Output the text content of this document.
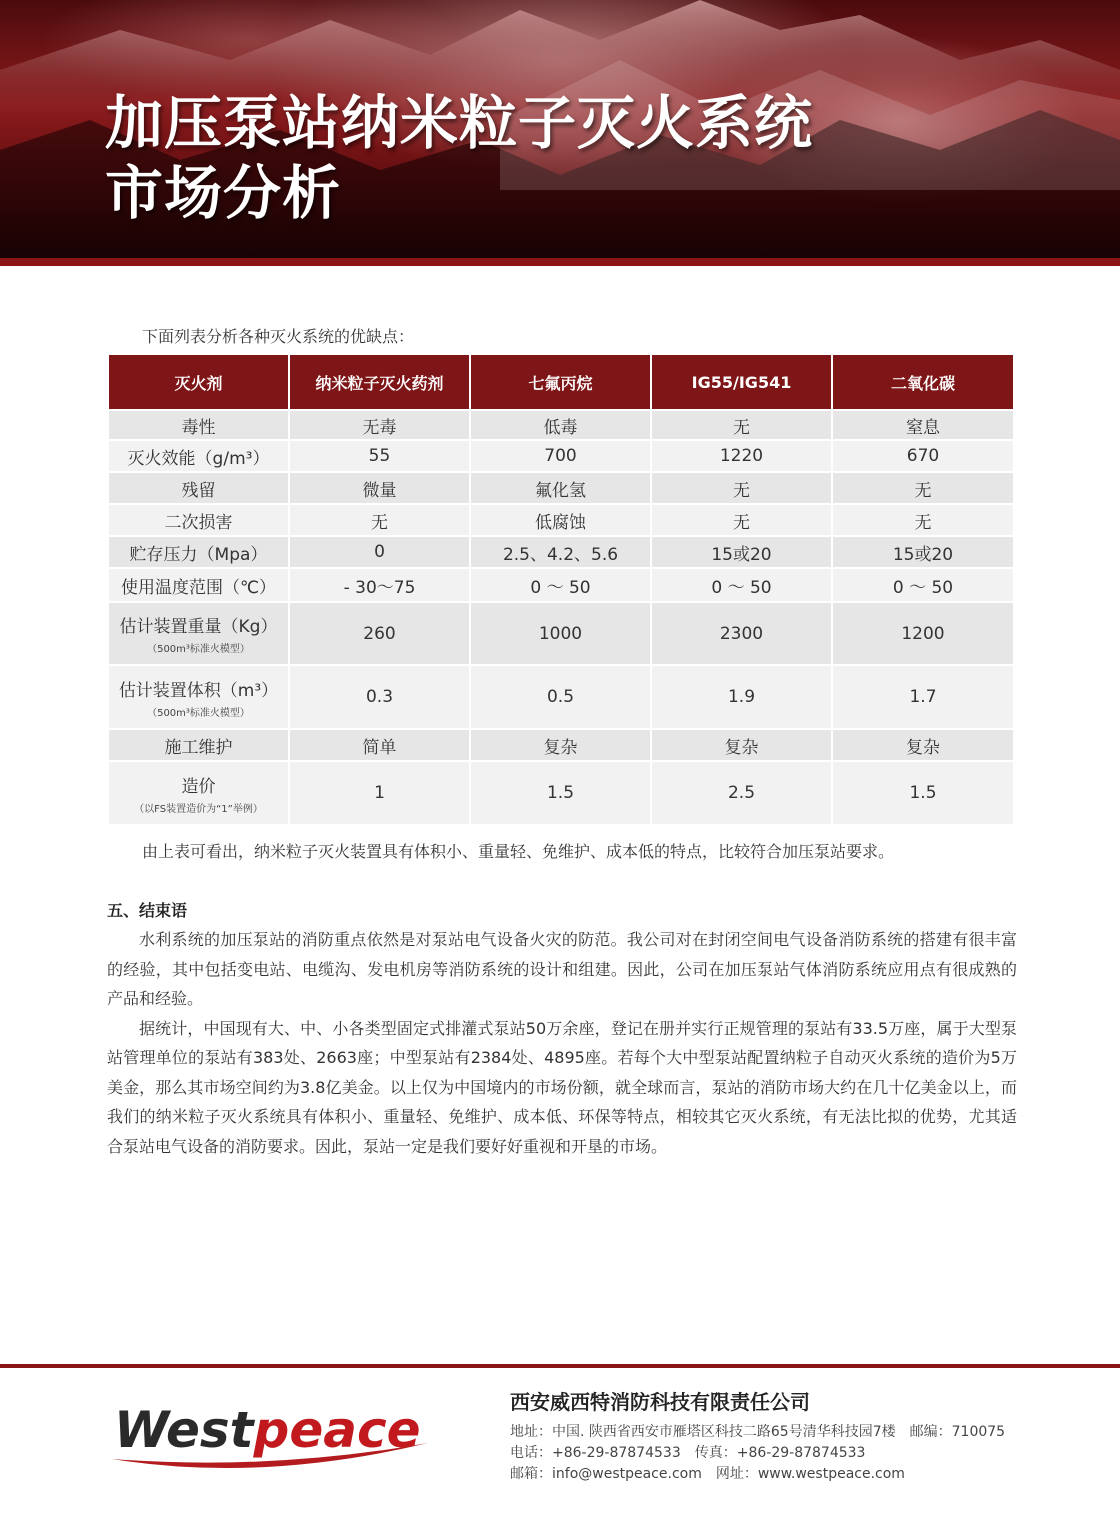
加压泵站纳米粒子灭火系统
市场分析
下面列表分析各种灭火系统的优缺点：
灭火剂	纳米粒子灭火药剂	七氟丙烷	IG55/IG541	二氧化碳
毒性	无毒	低毒	无	窒息
灭火效能（g/m³）	55	700	1220	670
残留	微量	氟化氢	无	无
二次损害	无	低腐蚀	无	无
贮存压力（Mpa）	0	2.5、4.2、5.6	15或20	15或20
使用温度范围（℃）	- 30～75	0 ～ 50	0 ～ 50	0 ～ 50
估计装置重量（Kg）
（500m³标准火模型）	260	1000	2300	1200
估计装置体积（m³）
（500m³标准火模型）	0.3	0.5	1.9	1.7
施工维护	简单	复杂	复杂	复杂
造价
（以FS装置造价为“1”举例）	1	1.5	2.5	1.5
由上表可看出，纳米粒子灭火装置具有体积小、重量轻、免维护、成本低的特点，比较符合加压泵站要求。
五、结束语

水利系统的加压泵站的消防重点依然是对泵站电气设备火灾的防范。我公司对在封闭空间电气设备消防系统的搭建有很丰富的经验，其中包括变电站、电缆沟、发电机房等消防系统的设计和组建。因此，公司在加压泵站气体消防系统应用点有很成熟的产品和经验。

据统计，中国现有大、中、小各类型固定式排灌式泵站50万余座，登记在册并实行正规管理的泵站有33.5万座，属于大型泵站管理单位的泵站有383处、2663座；中型泵站有2384处、4895座。若每个大中型泵站配置纳粒子自动灭火系统的造价为5万美金，那么其市场空间约为3.8亿美金。以上仅为中国境内的市场份额，就全球而言，泵站的消防市场大约在几十亿美金以上，而我们的纳米粒子灭火系统具有体积小、重量轻、免维护、成本低、环保等特点，相较其它灭火系统，有无法比拟的优势，尤其适合泵站电气设备的消防要求。因此，泵站一定是我们要好好重视和开垦的市场。

Westpeace	西安威西特消防科技有限责任公司
地址：中国. 陕西省西安市雁塔区科技二路65号清华科技园7楼 邮编：710075
电话：+86-29-87874533 传真：+86-29-87874533
邮箱：info@westpeace.com 网址：www.westpeace.com
